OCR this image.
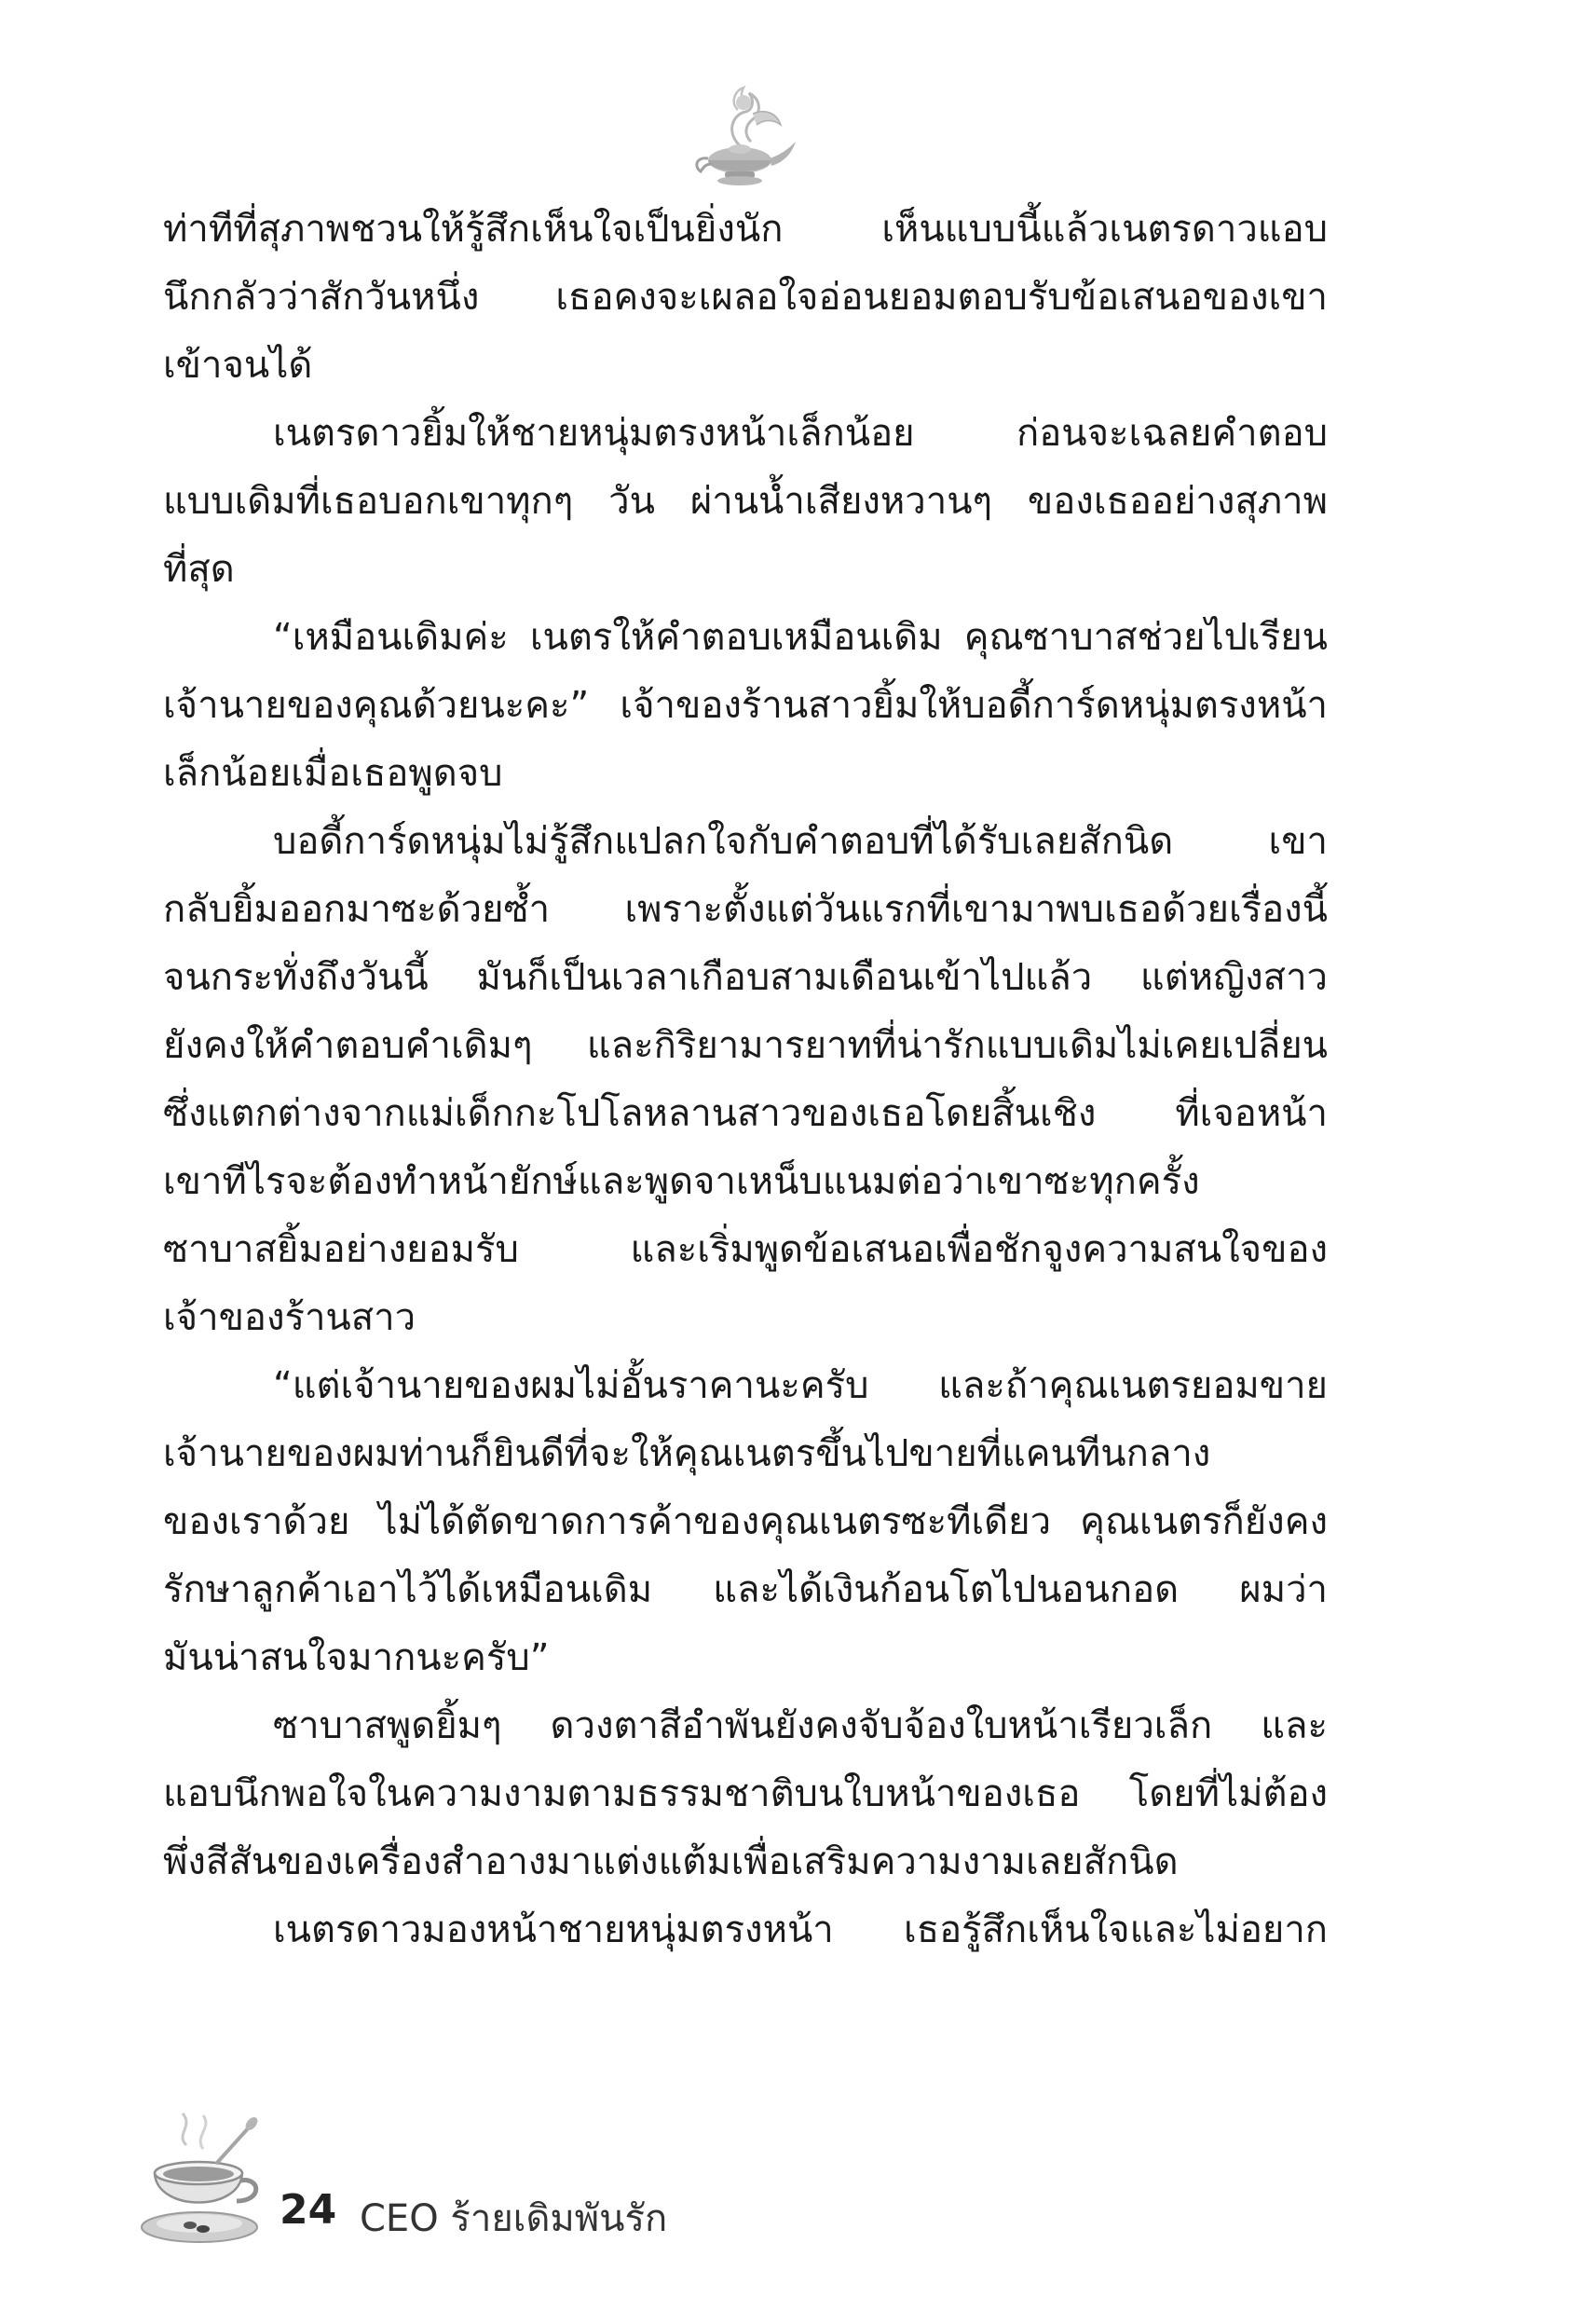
ท่าทีที่สุภาพชวนให้รู้สึกเห็นใจเป็นยิ่งนัก เห็นแบบนี้แล้วเนตรดาวแอบ
นึกกลัวว่าสักวันหนึ่ง เธอคงจะเผลอใจอ่อนยอมตอบรับข้อเสนอของเขา
เข้าจนได้
เนตรดาวยิ้มให้ชายหนุ่มตรงหน้าเล็กน้อย ก่อนจะเฉลยคำตอบ
แบบเดิมที่เธอบอกเขาทุกๆ วัน ผ่านน้ำเสียงหวานๆ ของเธออย่างสุภาพ
ที่สุด
“เหมือนเดิมค่ะ เนตรให้คำตอบเหมือนเดิม คุณซาบาสช่วยไปเรียน
เจ้านายของคุณด้วยนะคะ” เจ้าของร้านสาวยิ้มให้บอดี้การ์ดหนุ่มตรงหน้า
เล็กน้อยเมื่อเธอพูดจบ
บอดี้การ์ดหนุ่มไม่รู้สึกแปลกใจกับคำตอบที่ได้รับเลยสักนิด เขา
กลับยิ้มออกมาซะด้วยซ้ำ เพราะตั้งแต่วันแรกที่เขามาพบเธอด้วยเรื่องนี้
จนกระทั่งถึงวันนี้ มันก็เป็นเวลาเกือบสามเดือนเข้าไปแล้ว แต่หญิงสาว
ยังคงให้คำตอบคำเดิมๆ และกิริยามารยาทที่น่ารักแบบเดิมไม่เคยเปลี่ยน
ซึ่งแตกต่างจากแม่เด็กกะโปโลหลานสาวของเธอโดยสิ้นเชิง ที่เจอหน้า
เขาทีไรจะต้องทำหน้ายักษ์และพูดจาเหน็บแนมต่อว่าเขาซะทุกครั้ง
ซาบาสยิ้มอย่างยอมรับ และเริ่มพูดข้อเสนอเพื่อชักจูงความสนใจของ
เจ้าของร้านสาว
“แต่เจ้านายของผมไม่อั้นราคานะครับ และถ้าคุณเนตรยอมขาย
เจ้านายของผมท่านก็ยินดีที่จะให้คุณเนตรขึ้นไปขายที่แคนทีนกลาง
ของเราด้วย ไม่ได้ตัดขาดการค้าของคุณเนตรซะทีเดียว คุณเนตรก็ยังคง
รักษาลูกค้าเอาไว้ได้เหมือนเดิม และได้เงินก้อนโตไปนอนกอด ผมว่า
มันน่าสนใจมากนะครับ”
ซาบาสพูดยิ้มๆ ดวงตาสีอำพันยังคงจับจ้องใบหน้าเรียวเล็ก และ
แอบนึกพอใจในความงามตามธรรมชาติบนใบหน้าของเธอ โดยที่ไม่ต้อง
พึ่งสีสันของเครื่องสำอางมาแต่งแต้มเพื่อเสริมความงามเลยสักนิด
เนตรดาวมองหน้าชายหนุ่มตรงหน้า เธอรู้สึกเห็นใจและไม่อยาก
24 CEO ร้ายเดิมพันรัก
